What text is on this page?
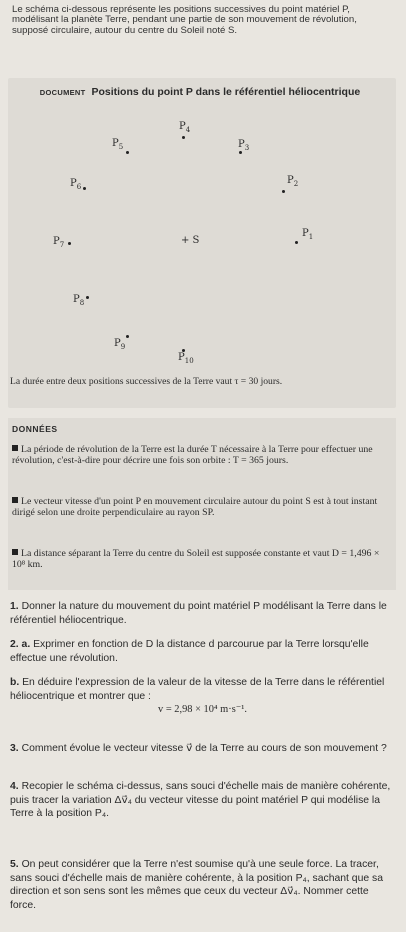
Le schéma ci-dessous représente les positions successives du point matériel P, modélisant la planète Terre, pendant une partie de son mouvement de révolution, supposé circulaire, autour du centre du Soleil noté S.
DOCUMENT Positions du point P dans le référentiel héliocentrique
$P_1$
$P_2$
$P_3$
$P_4$
$P_5$
$P_6$
$P_7$
$P_8$
$P_9$
$P_{10}$
+ S
La durée entre deux positions successives de la Terre vaut τ = 30 jours.
DONNÉES
La période de révolution de la Terre est la durée T nécessaire à la Terre pour effectuer une révolution, c'est-à-dire pour décrire une fois son orbite : T = 365 jours.
Le vecteur vitesse d'un point P en mouvement circulaire autour du point S est à tout instant dirigé selon une droite perpendiculaire au rayon SP.
La distance séparant la Terre du centre du Soleil est supposée constante et vaut D = 1,496 × 10⁸ km.
1. Donner la nature du mouvement du point matériel P modélisant la Terre dans le référentiel héliocentrique.
2. a. Exprimer en fonction de D la distance d parcourue par la Terre lorsqu'elle effectue une révolution.
b. En déduire l'expression de la valeur de la vitesse de la Terre dans le référentiel héliocentrique et montrer que :
v = 2,98 × 10⁴ m·s⁻¹.
3. Comment évolue le vecteur vitesse v⃗ de la Terre au cours de son mouvement ?
4. Recopier le schéma ci-dessus, sans souci d'échelle mais de manière cohérente, puis tracer la variation Δv⃗₄ du vecteur vitesse du point matériel P qui modélise la Terre à la position P₄.
5. On peut considérer que la Terre n'est soumise qu'à une seule force. La tracer, sans souci d'échelle mais de manière cohérente, à la position P₄, sachant que sa direction et son sens sont les mêmes que ceux du vecteur Δv⃗₄. Nommer cette force.
